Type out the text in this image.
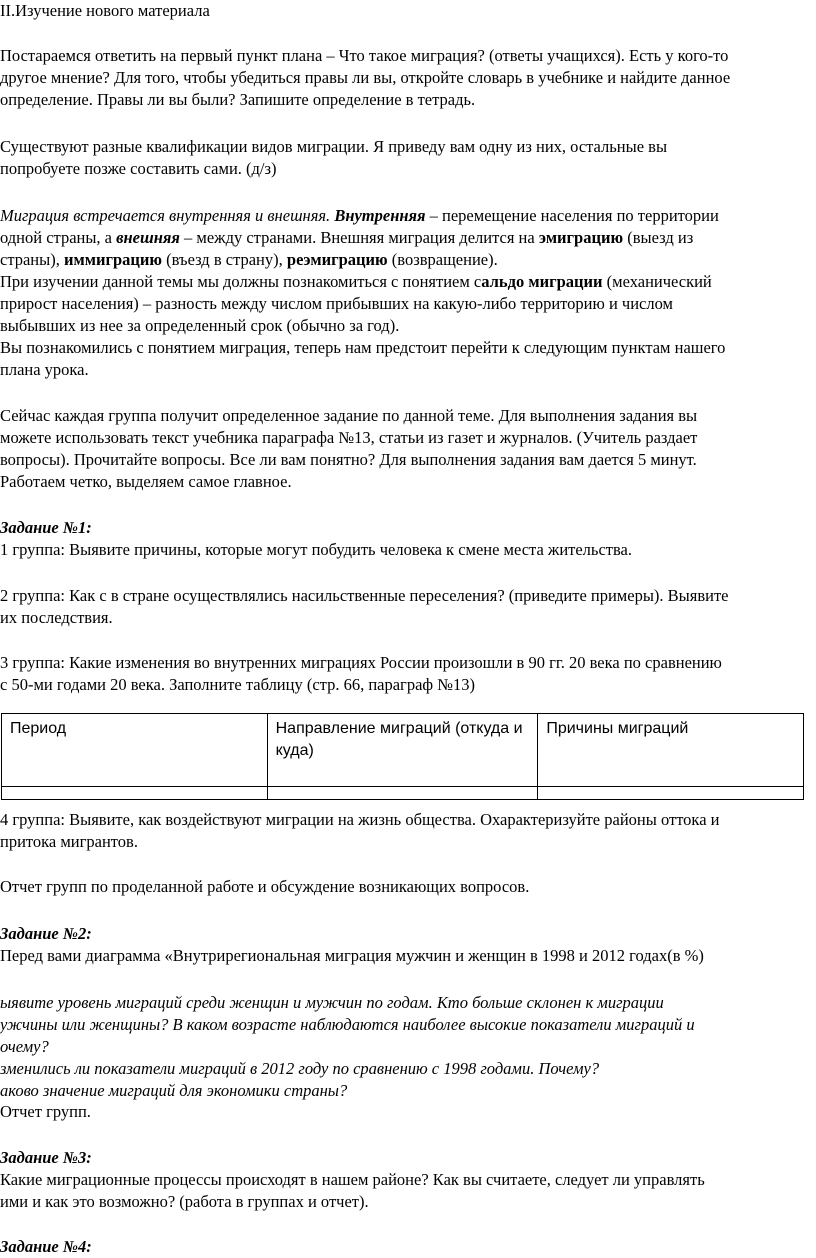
II.Изучение нового материала
Постараемся ответить на первый пункт плана – Что такое миграция? (ответы учащихся). Есть у кого-то
другое мнение? Для того, чтобы убедиться правы ли вы, откройте словарь в учебнике и найдите данное
определение. Правы ли вы были? Запишите определение в тетрадь.
Существуют разные квалификации видов миграции. Я приведу вам одну из них, остальные вы
попробуете позже составить сами. (д/з)
Миграция встречается внутренняя и внешняя. Внутренняя – перемещение населения по территории
одной страны, а внешняя – между странами. Внешняя миграция делится на эмиграцию (выезд из
страны), иммиграцию (въезд в страну), реэмиграцию (возвращение).
При изучении данной темы мы должны познакомиться с понятием сальдо миграции (механический
прирост населения) – разность между числом прибывших на какую-либо территорию и числом
выбывших из нее за определенный срок (обычно за год).
Вы познакомились с понятием миграция, теперь нам предстоит перейти к следующим пунктам нашего
плана урока.
Сейчас каждая группа получит определенное задание по данной теме. Для выполнения задания вы
можете использовать текст учебника параграфа №13, статьи из газет и журналов. (Учитель раздает
вопросы). Прочитайте вопросы. Все ли вам понятно? Для выполнения задания вам дается 5 минут.
Работаем четко, выделяем самое главное.
Задание №1:
1 группа: Выявите причины, которые могут побудить человека к смене места жительства.
2 группа: Как с в стране осуществлялись насильственные переселения? (приведите примеры). Выявите
их последствия.
3 группа: Какие изменения во внутренних миграциях России произошли в 90 гг. 20 века по сравнению
с 50-ми годами 20 века. Заполните таблицу (стр. 66, параграф №13)
Период	Направление миграций (откуда и куда)	Причины миграций

4 группа: Выявите, как воздействуют миграции на жизнь общества. Охарактеризуйте районы оттока и
притока мигрантов.
Отчет групп по проделанной работе и обсуждение возникающих вопросов.
Задание №2:
Перед вами диаграмма «Внутрирегиональная миграция мужчин и женщин в 1998 и 2012 годах(в %)
ыявите уровень миграций среди женщин и мужчин по годам. Кто больше склонен к миграции
ужчины или женщины? В каком возрасте наблюдаются наиболее высокие показатели миграций и
очему?
зменились ли показатели миграций в 2012 году по сравнению с 1998 годами. Почему?
аково значение миграций для экономики страны?
Отчет групп.
Задание №3:
Какие миграционные процессы происходят в нашем районе? Как вы считаете, следует ли управлять
ими и как это возможно? (работа в группах и отчет).
Задание №4:
